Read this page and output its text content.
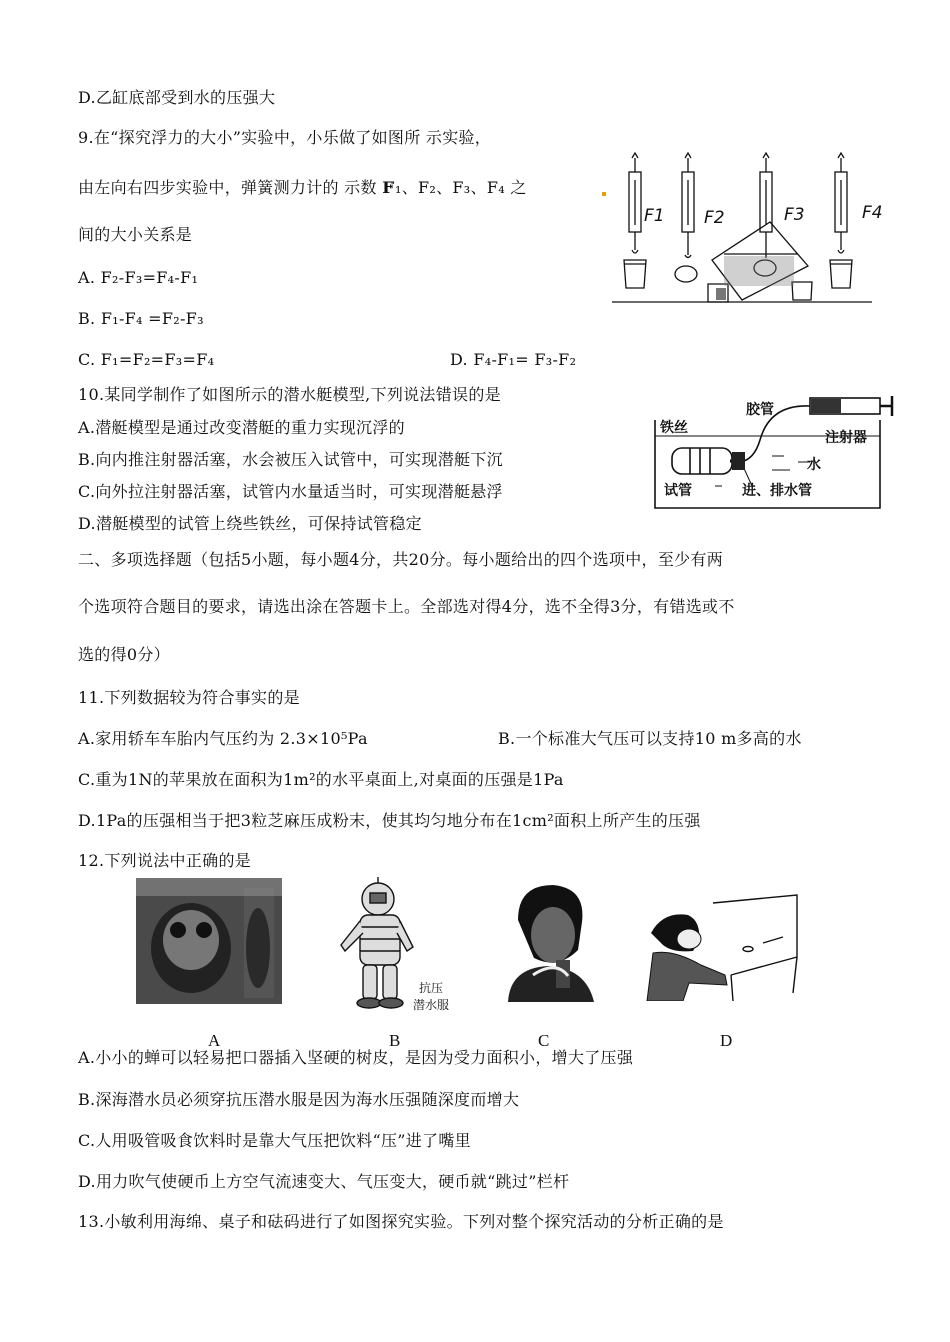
D.乙缸底部受到水的压强大
9.在“探究浮力的大小”实验中，小乐做了如图所 示实验，
由左向右四步实验中，弹簧测力计的 示数 FF₁、F₂、F₃、F₄ 之
间的大小关系是
A. F₂-F₃=F₄-F₁
B. F₁-F₄ =F₂-F₃
C. F₁=F₂=F₃=F₄	D. F₄-F₁= F₃-F₂
F1 F2	F3	F4
10.某同学制作了如图所示的潜水艇模型,下列说法错误的是
A.潜艇模型是通过改变潜艇的重力实现沉浮的
B.向内推注射器活塞，水会被压入试管中，可实现潜艇下沉
C.向外拉注射器活塞，试管内水量适当时，可实现潜艇悬浮
D.潜艇模型的试管上绕些铁丝，可保持试管稳定
胶管
铁丝
注射器
水
试管	进、排水管
二、多项选择题（包括5小题，每小题4分，共20分。每小题给出的四个选项中，至少有两
个选项符合题目的要求，请选出涂在答题卡上。全部选对得4分，选不全得3分，有错选或不
选的得0分）
11.下列数据较为符合事实的是
A.家用轿车车胎内气压约为 2.3×10⁵Pa	B.一个标准大气压可以支持10 m多高的水
C.重为1N的苹果放在面积为1m²的水平桌面上,对桌面的压强是1Pa
D.1Pa的压强相当于把3粒芝麻压成粉末，使其均匀地分布在1cm²面积上所产生的压强
12.下列说法中正确的是
抗压
潜水服
A	B	C	D
A.小小的蝉可以轻易把口器插入坚硬的树皮，是因为受力面积小，增大了压强
B.深海潜水员必须穿抗压潜水服是因为海水压强随深度而增大
C.人用吸管吸食饮料时是靠大气压把饮料“压”进了嘴里
D.用力吹气使硬币上方空气流速变大、气压变大，硬币就“跳过”栏杆
13.小敏利用海绵、桌子和砝码进行了如图探究实验。下列对整个探究活动的分析正确的是
